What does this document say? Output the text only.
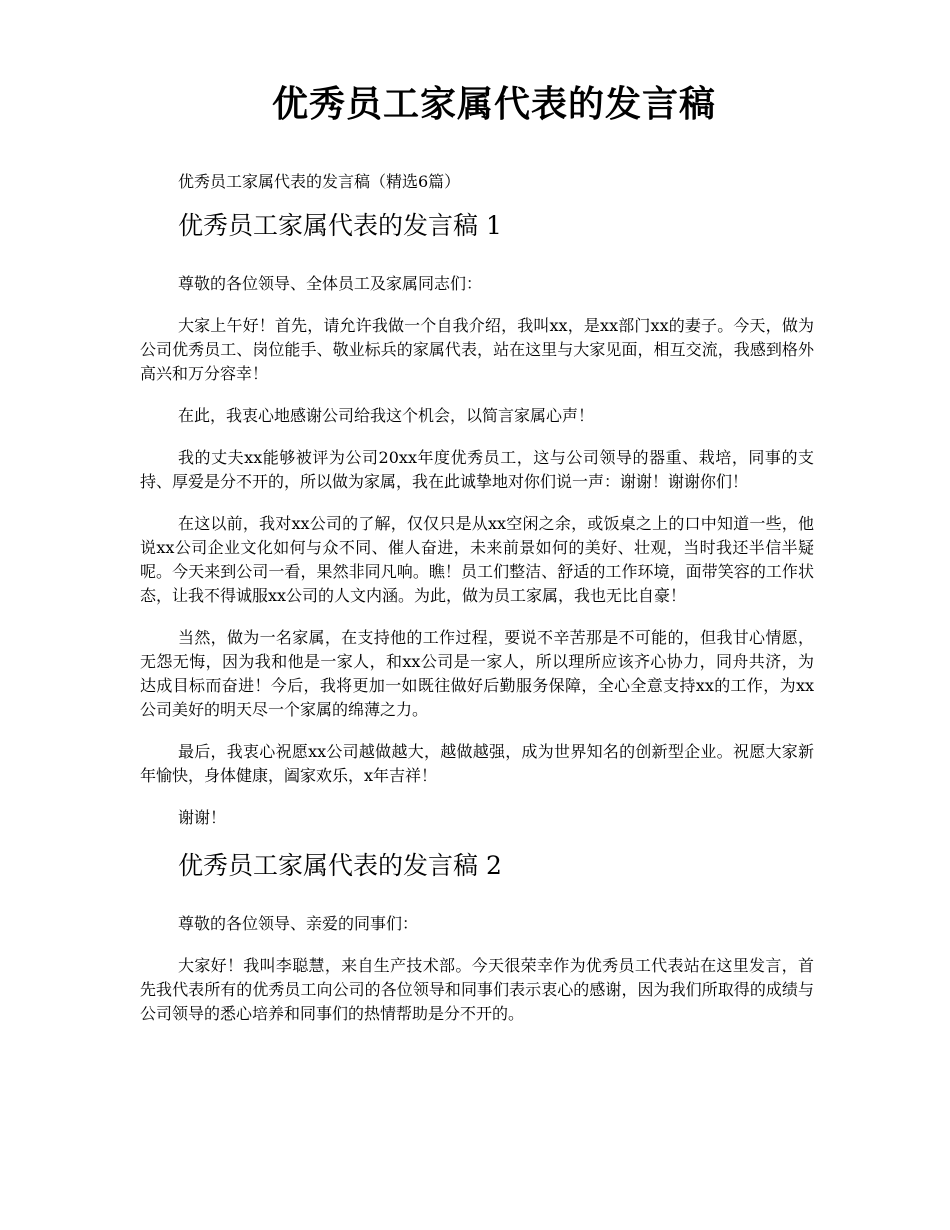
优秀员工家属代表的发言稿

优秀员工家属代表的发言稿（精选6篇）

优秀员工家属代表的发言稿 1

尊敬的各位领导、全体员工及家属同志们：

大家上午好！首先，请允许我做一个自我介绍，我叫xx，是xx部门xx的妻子。今天，做为公司优秀员工、岗位能手、敬业标兵的家属代表，站在这里与大家见面，相互交流，我感到格外高兴和万分容幸！

在此，我衷心地感谢公司给我这个机会，以简言家属心声！

我的丈夫xx能够被评为公司20xx年度优秀员工，这与公司领导的器重、栽培，同事的支持、厚爱是分不开的，所以做为家属，我在此诚挚地对你们说一声：谢谢！谢谢你们！

在这以前，我对xx公司的了解，仅仅只是从xx空闲之余，或饭桌之上的口中知道一些，他说xx公司企业文化如何与众不同、催人奋进，未来前景如何的美好、壮观，当时我还半信半疑呢。今天来到公司一看，果然非同凡响。瞧！员工们整洁、舒适的工作环境，面带笑容的工作状态，让我不得诚服xx公司的人文内涵。为此，做为员工家属，我也无比自豪！

当然，做为一名家属，在支持他的工作过程，要说不辛苦那是不可能的，但我甘心情愿，无怨无悔，因为我和他是一家人，和xx公司是一家人，所以理所应该齐心协力，同舟共济，为达成目标而奋进！今后，我将更加一如既往做好后勤服务保障，全心全意支持xx的工作，为xx公司美好的明天尽一个家属的绵薄之力。

最后，我衷心祝愿xx公司越做越大，越做越强，成为世界知名的创新型企业。祝愿大家新年愉快，身体健康，阖家欢乐，x年吉祥！

谢谢！

优秀员工家属代表的发言稿 2

尊敬的各位领导、亲爱的同事们：

大家好！我叫李聪慧，来自生产技术部。今天很荣幸作为优秀员工代表站在这里发言，首先我代表所有的优秀员工向公司的各位领导和同事们表示衷心的感谢，因为我们所取得的成绩与公司领导的悉心培养和同事们的热情帮助是分不开的。
